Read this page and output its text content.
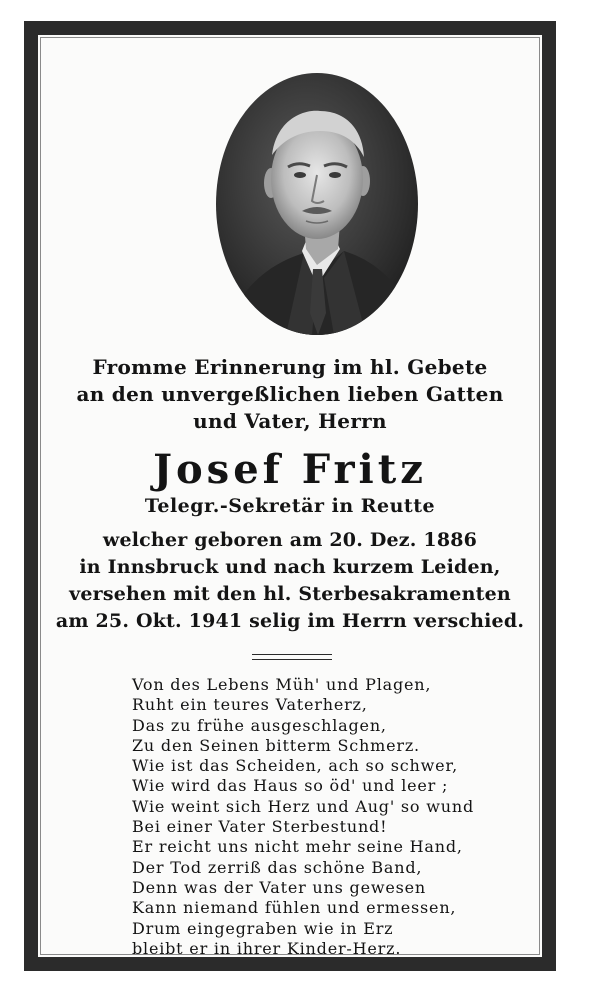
Fromme Erinnerung im hl. Gebete
an den unvergeßlichen lieben Gatten
und Vater, Herrn
Josef Fritz
Telegr.-Sekretär in Reutte
welcher geboren am 20. Dez. 1886
in Innsbruck und nach kurzem Leiden,
versehen mit den hl. Sterbesakramenten
am 25. Okt. 1941 selig im Herrn verschied.
Von des Lebens Müh' und Plagen,
Ruht ein teures Vaterherz,
Das zu frühe ausgeschlagen,
Zu den Seinen bitterm Schmerz.
Wie ist das Scheiden, ach so schwer,
Wie wird das Haus so öd' und leer ;
Wie weint sich Herz und Aug' so wund
Bei einer Vater Sterbestund!
Er reicht uns nicht mehr seine Hand,
Der Tod zerriß das schöne Band,
Denn was der Vater uns gewesen
Kann niemand fühlen und ermessen,
Drum eingegraben wie in Erz
bleibt er in ihrer Kinder-Herz.
